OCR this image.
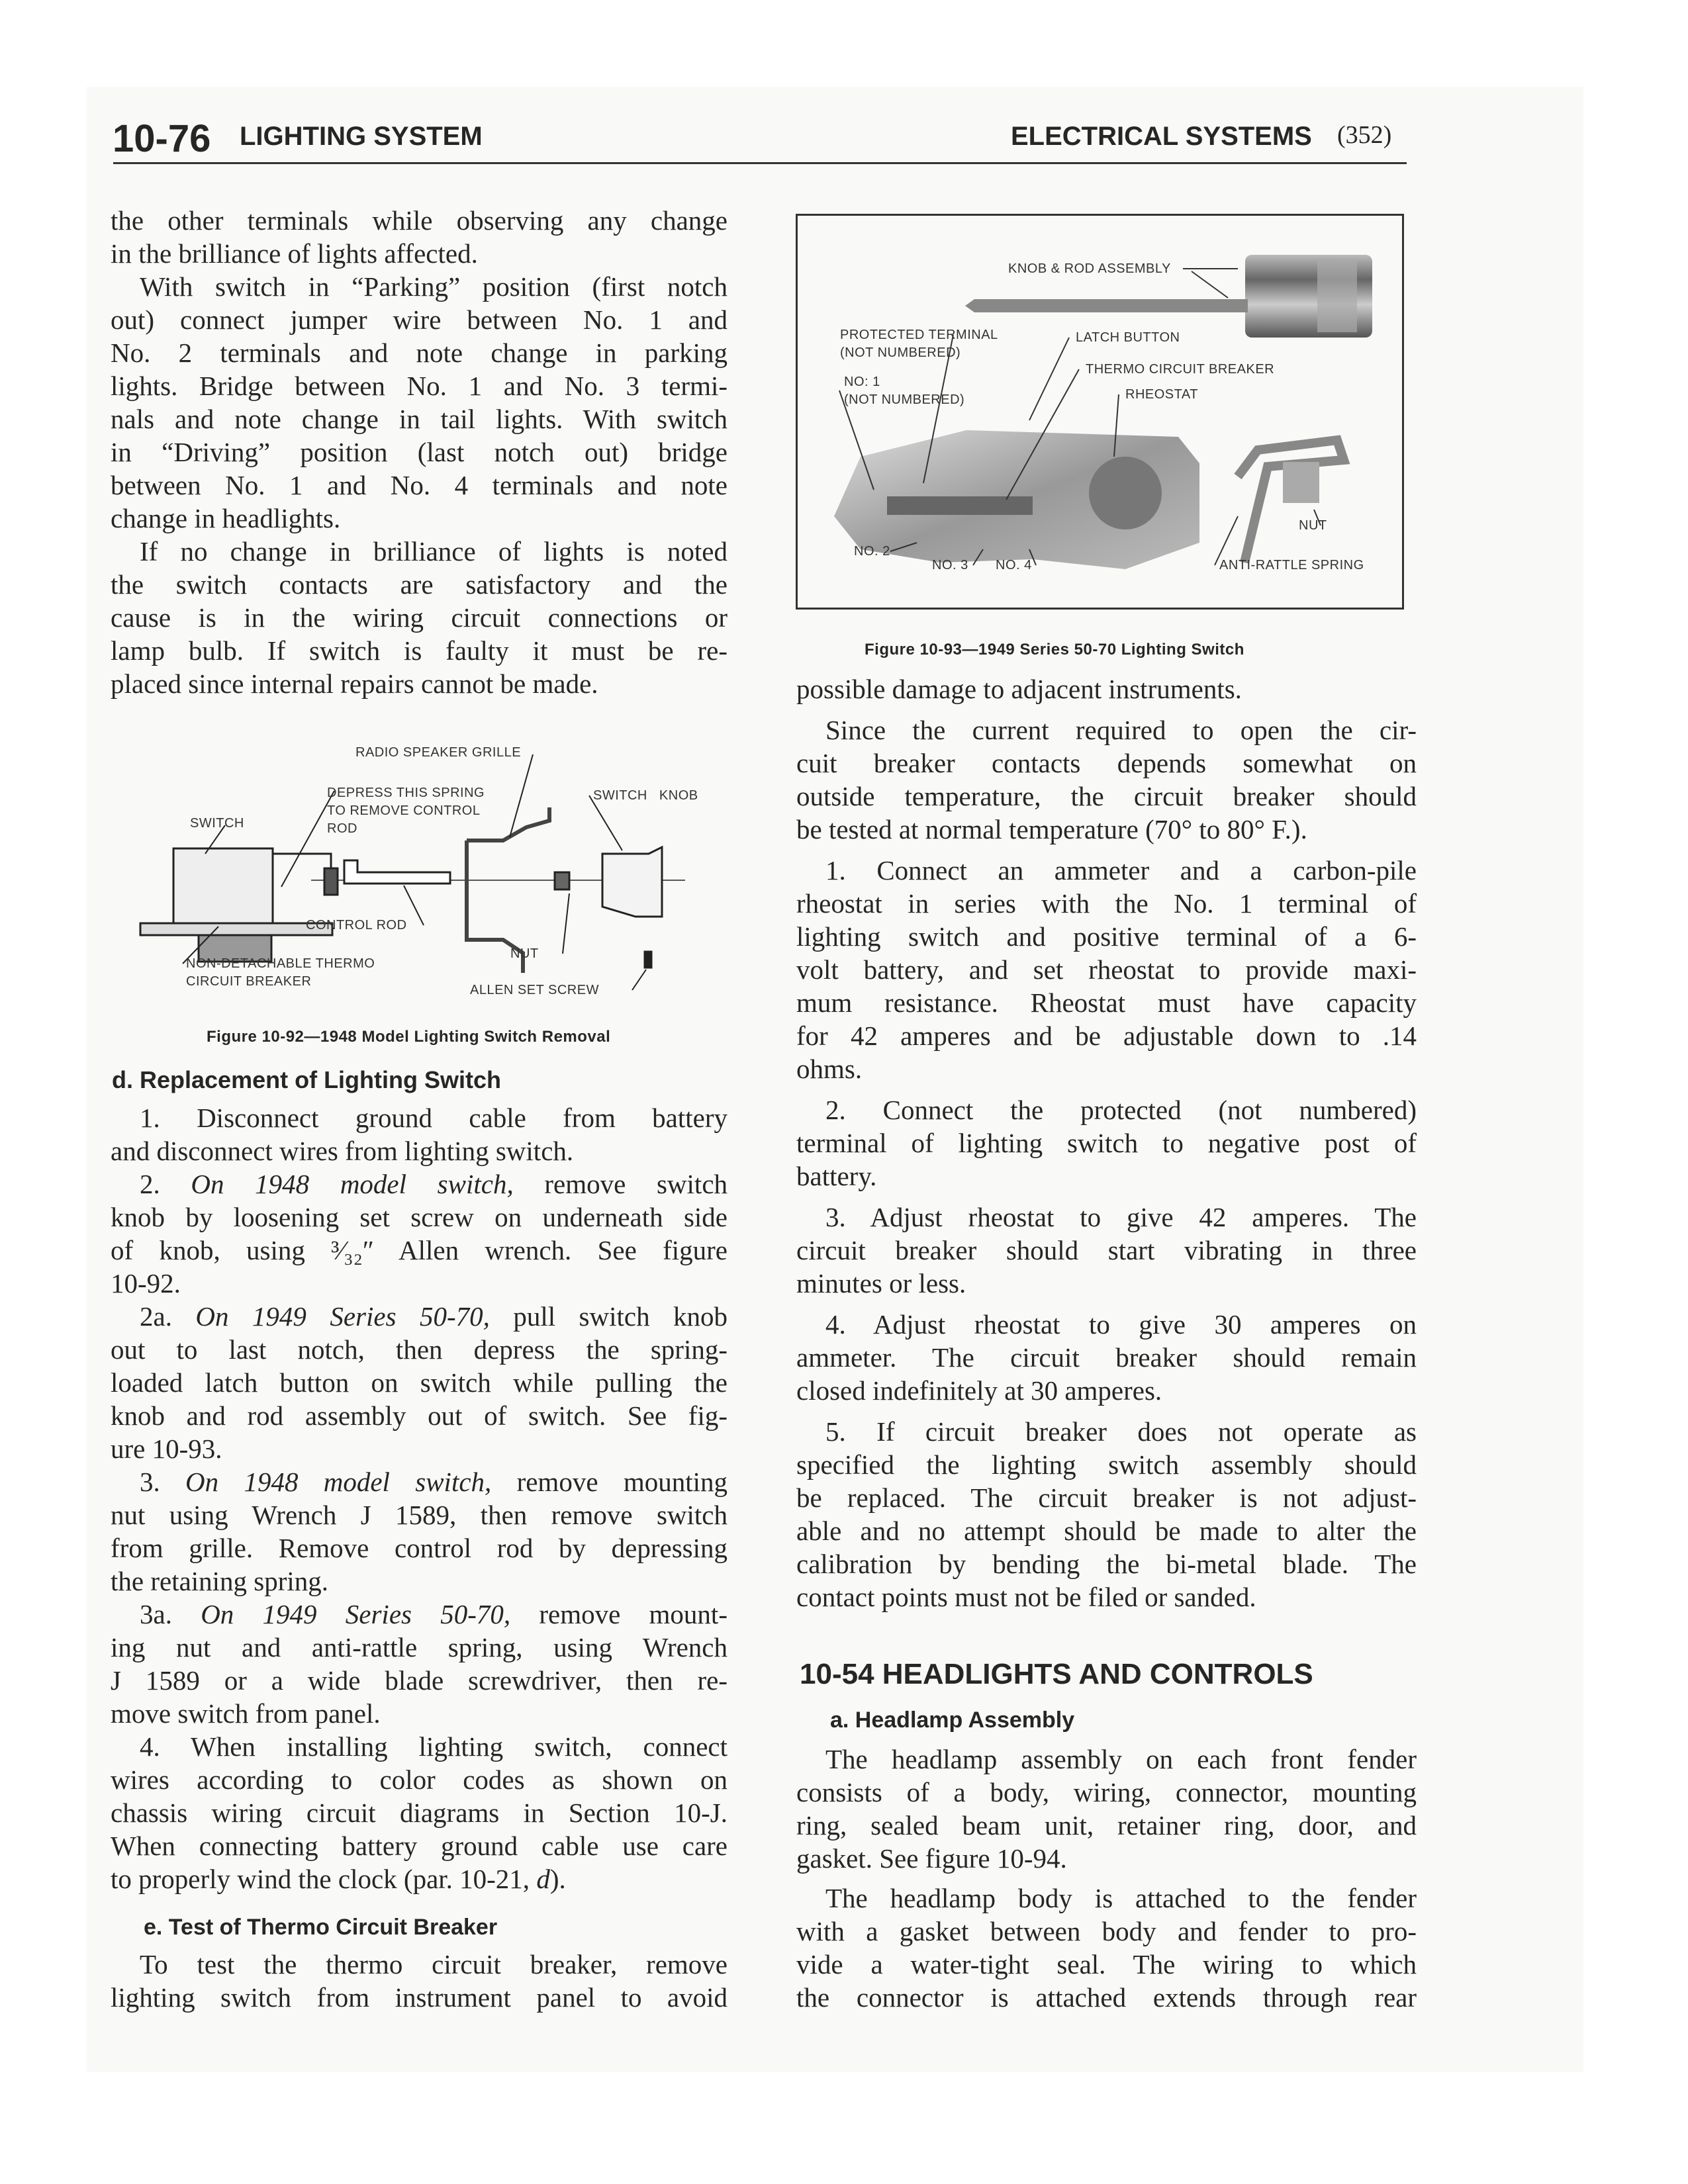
10-76 LIGHTING SYSTEM	ELECTRICAL SYSTEMS (352)
the other terminals while observing any change
in the brilliance of lights affected.
With switch in “Parking” position (first notch
out) connect jumper wire between No. 1 and
No. 2 terminals and note change in parking
lights. Bridge between No. 1 and No. 3 termi-
nals and note change in tail lights. With switch
in “Driving” position (last notch out) bridge
between No. 1 and No. 4 terminals and note
change in headlights.
If no change in brilliance of lights is noted
the switch contacts are satisfactory and the
cause is in the wiring circuit connections or
lamp bulb. If switch is faulty it must be re-
placed since internal repairs cannot be made.
RADIO SPEAKER GRILLE
DEPRESS THIS SPRING
TO REMOVE CONTROL
ROD
SWITCH
SWITCH KNOB
CONTROL ROD
NON-DETACHABLE THERMO
CIRCUIT BREAKER
NUT
ALLEN SET SCREW
Figure 10-92—1948 Model Lighting Switch Removal
d. Replacement of Lighting Switch
1. Disconnect ground cable from battery
and disconnect wires from lighting switch.
2. On 1948 model switch, remove switch
knob by loosening set screw on underneath side
of knob, using ³⁄₃₂″ Allen wrench. See figure
10-92.
2a. On 1949 Series 50-70, pull switch knob
out to last notch, then depress the spring-
loaded latch button on switch while pulling the
knob and rod assembly out of switch. See fig-
ure 10-93.
3. On 1948 model switch, remove mounting
nut using Wrench J 1589, then remove switch
from grille. Remove control rod by depressing
the retaining spring.
3a. On 1949 Series 50-70, remove mount-
ing nut and anti-rattle spring, using Wrench
J 1589 or a wide blade screwdriver, then re-
move switch from panel.
4. When installing lighting switch, connect
wires according to color codes as shown on
chassis wiring circuit diagrams in Section 10-J.
When connecting battery ground cable use care
to properly wind the clock (par. 10-21, d).
e. Test of Thermo Circuit Breaker
To test the thermo circuit breaker, remove
lighting switch from instrument panel to avoid
KNOB & ROD ASSEMBLY
PROTECTED TERMINAL
(NOT NUMBERED)
LATCH BUTTON
THERMO CIRCUIT BREAKER
NO: 1
(NOT NUMBERED)	RHEOSTAT
NUT
NO. 2
NO. 3 NO. 4	ANTI-RATTLE SPRING
Figure 10-93—1949 Series 50-70 Lighting Switch
possible damage to adjacent instruments.
Since the current required to open the cir-
cuit breaker contacts depends somewhat on
outside temperature, the circuit breaker should
be tested at normal temperature (70° to 80° F.).
1. Connect an ammeter and a carbon-pile
rheostat in series with the No. 1 terminal of
lighting switch and positive terminal of a 6-
volt battery, and set rheostat to provide maxi-
mum resistance. Rheostat must have capacity
for 42 amperes and be adjustable down to .14
ohms.
2. Connect the protected (not numbered)
terminal of lighting switch to negative post of
battery.
3. Adjust rheostat to give 42 amperes. The
circuit breaker should start vibrating in three
minutes or less.
4. Adjust rheostat to give 30 amperes on
ammeter. The circuit breaker should remain
closed indefinitely at 30 amperes.
5. If circuit breaker does not operate as
specified the lighting switch assembly should
be replaced. The circuit breaker is not adjust-
able and no attempt should be made to alter the
calibration by bending the bi-metal blade. The
contact points must not be filed or sanded.
10-54 HEADLIGHTS AND CONTROLS
a. Headlamp Assembly
The headlamp assembly on each front fender
consists of a body, wiring, connector, mounting
ring, sealed beam unit, retainer ring, door, and
gasket. See figure 10-94.
The headlamp body is attached to the fender
with a gasket between body and fender to pro-
vide a water-tight seal. The wiring to which
the connector is attached extends through rear
